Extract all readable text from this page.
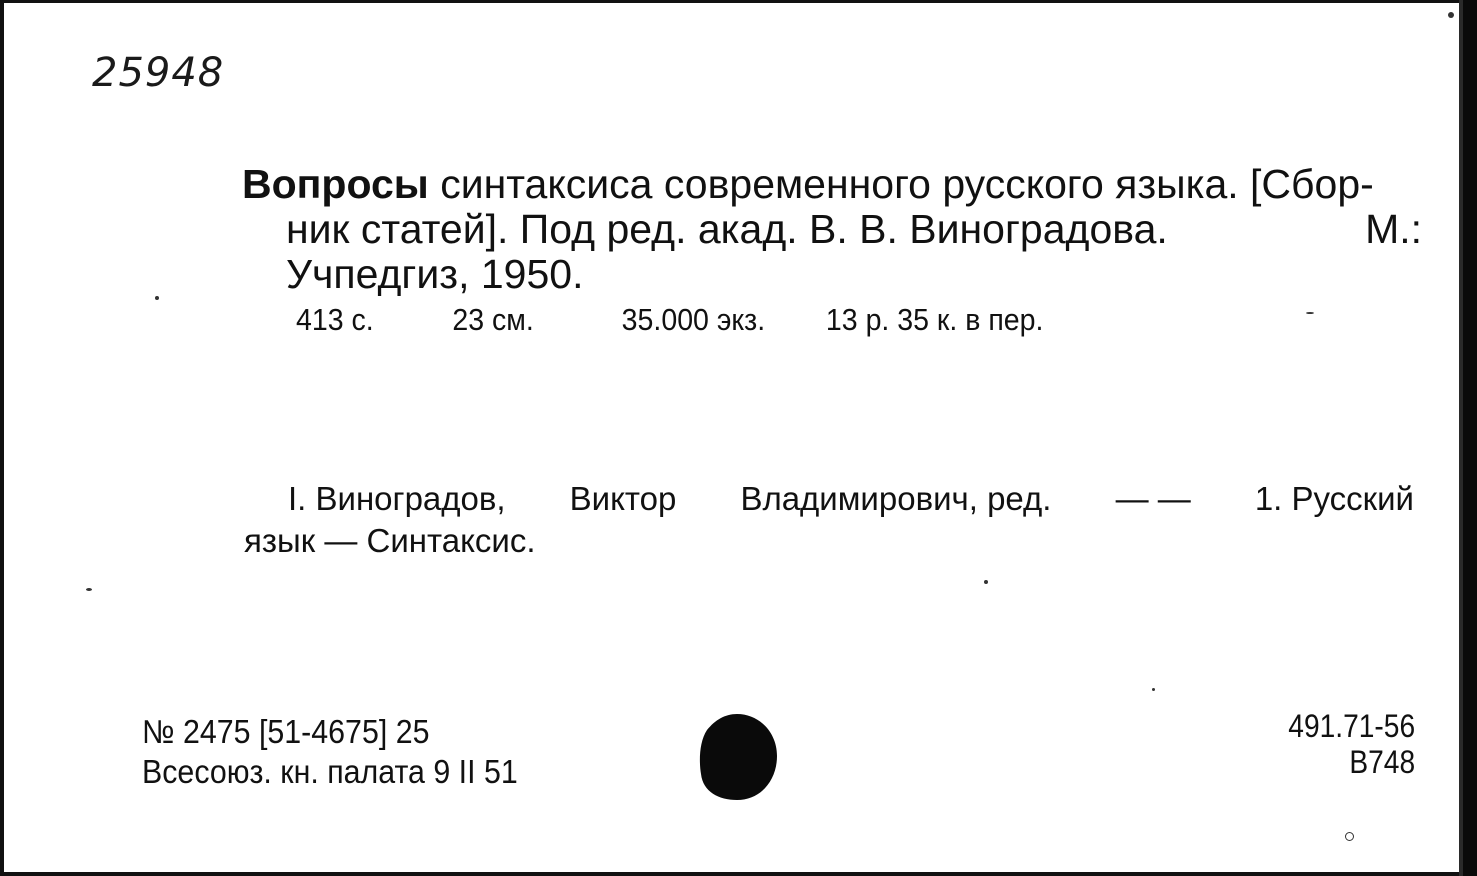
25948
Вопросы синтаксиса современного русского языка. [Сбор-
ник статей]. Под ред. акад. В. В. Виноградова.	М.:
Учпедгиз, 1950.
413 с.	23 см.	35.000 экз. 13 р. 35 к. в пер.
I. Виноградов, Виктор Владимирович, ред. — — 1. Русский
язык — Синтаксис.
№ 2475 [51-4675] 25
Всесоюз. кн. палата 9 II 51
491.71-56
В748
